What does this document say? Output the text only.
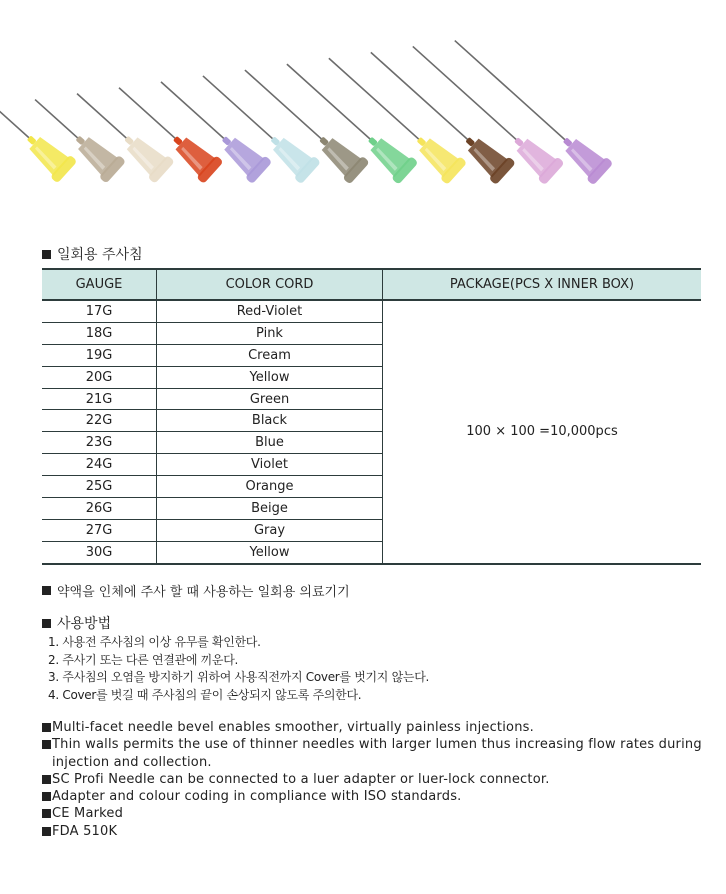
일회용 주사침
GAUGE	COLOR CORD	PACKAGE(PCS X INNER BOX)
17G	Red-Violet	100 × 100 =10,000pcs
18G	Pink	
19G	Cream	
20G	Yellow	
21G	Green	
22G	Black	
23G	Blue	
24G	Violet	
25G	Orange	
26G	Beige	
27G	Gray	
30G	Yellow	
약액을 인체에 주사 할 때 사용하는 일회용 의료기기
사용방법
1. 사용전 주사침의 이상 유무를 확인한다.
2. 주사기 또는 다른 연결관에 끼운다.
3. 주사침의 오염을 방지하기 위하여 사용직전까지 Cover를 벗기지 않는다.
4. Cover를 벗길 때 주사침의 끝이 손상되지 않도록 주의한다.
Multi-facet needle bevel enables smoother, virtually painless injections.
Thin walls permits the use of thinner needles with larger lumen thus increasing flow rates during injection and collection.
SC Profi Needle can be connected to a luer adapter or luer-lock connector.
Adapter and colour coding in compliance with ISO standards.
CE Marked
FDA 510K
